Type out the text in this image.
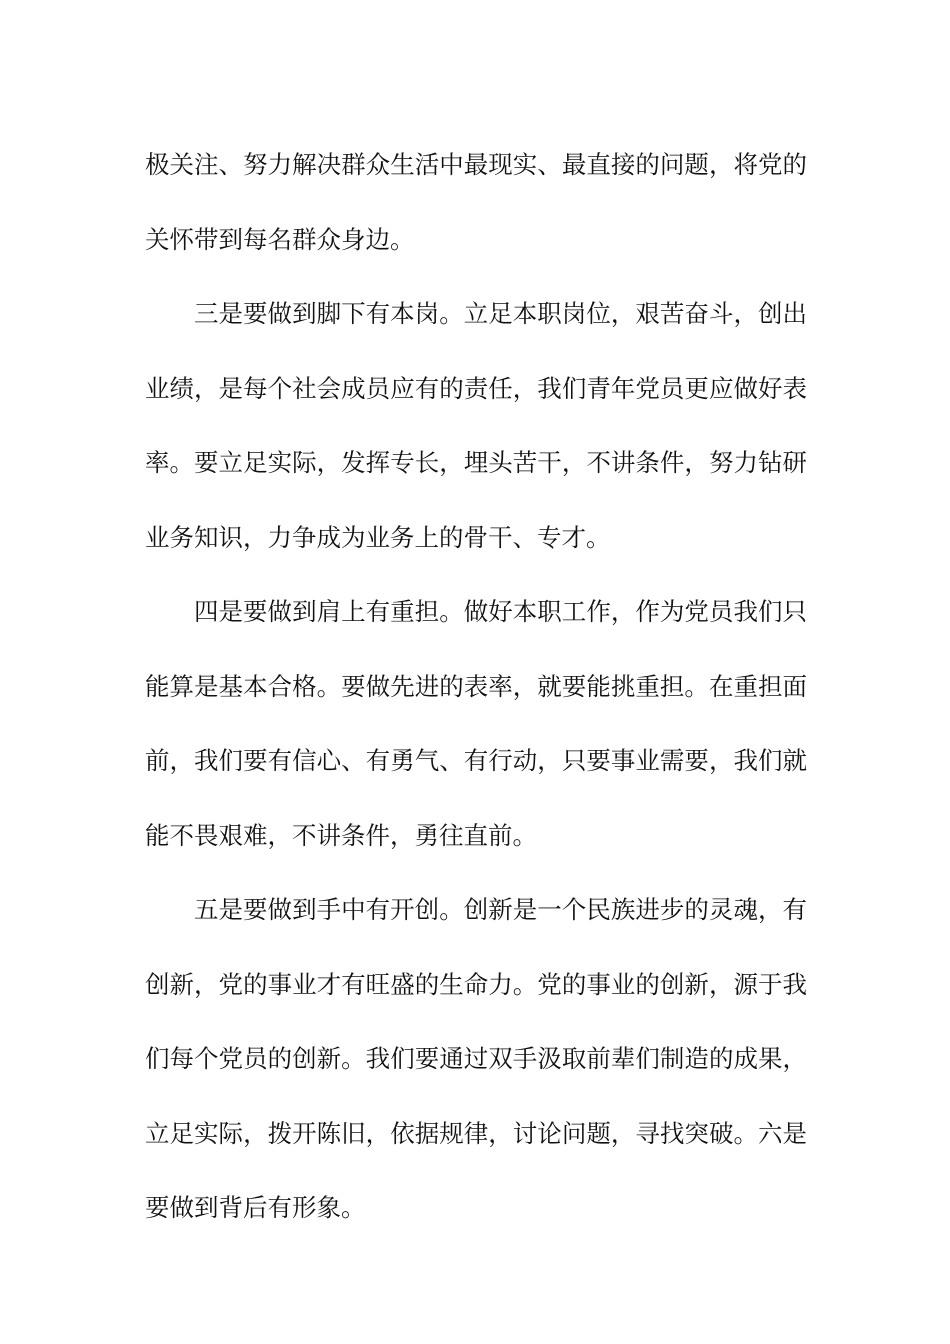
极关注、努力解决群众生活中最现实、最直接的问题，将党的
关怀带到每名群众身边。
三是要做到脚下有本岗。立足本职岗位，艰苦奋斗，创出
业绩，是每个社会成员应有的责任，我们青年党员更应做好表
率。要立足实际，发挥专长，埋头苦干，不讲条件，努力钻研
业务知识，力争成为业务上的骨干、专才。
四是要做到肩上有重担。做好本职工作，作为党员我们只
能算是基本合格。要做先进的表率，就要能挑重担。在重担面
前，我们要有信心、有勇气、有行动，只要事业需要，我们就
能不畏艰难，不讲条件，勇往直前。
五是要做到手中有开创。创新是一个民族进步的灵魂，有
创新，党的事业才有旺盛的生命力。党的事业的创新，源于我
们每个党员的创新。我们要通过双手汲取前辈们制造的成果，
立足实际，拨开陈旧，依据规律，讨论问题，寻找突破。六是
要做到背后有形象。
